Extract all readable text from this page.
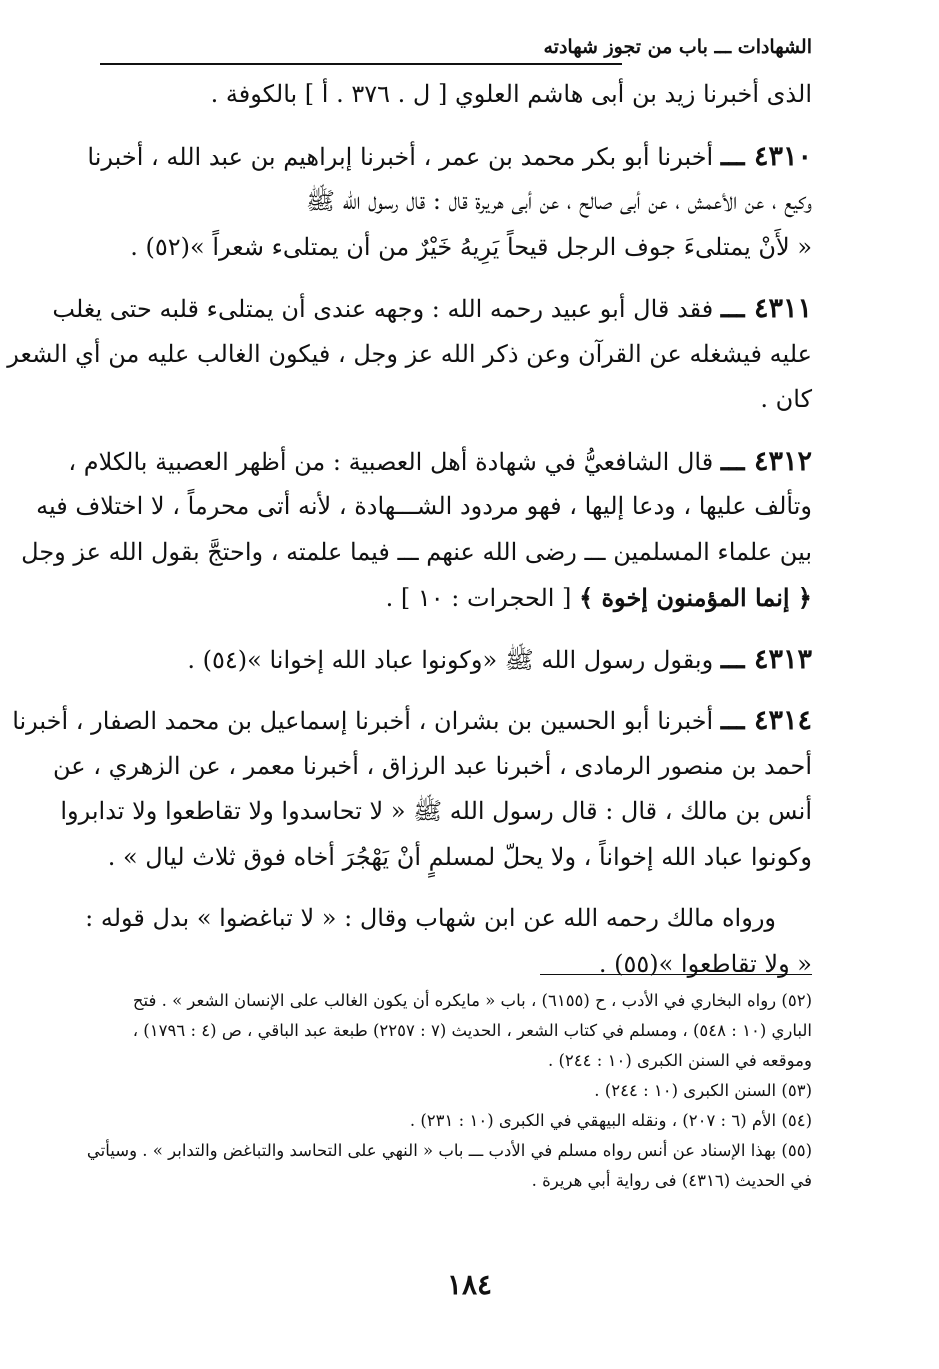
الشهادات ـــ باب من تجوز شهادته
الذى أخبرنا زيد بن أبى هاشم العلوي [ ل . ٣٧٦ . أ ] بالكوفة .
٤٣١٠ ـــ أخبرنا أبو بكر محمد بن عمر ، أخبرنا إبراهيم بن عبد الله ، أخبرنا
وكيع ، عن الأعمش ، عن أبى صالح ، عن أبى هريرة قال : قال رسول الله ﷺ
« لأَنْ يمتلىءَ جوف الرجل قيحاً يَرِيهُ خَيْرٌ من أن يمتلىء شعراً »(٥٢) .
٤٣١١ ـــ فقد قال أبو عبيد رحمه الله : وجهه عندى أن يمتلىء قلبه حتى يغلب
عليه فيشغله عن القرآن وعن ذكر الله عز وجل ، فيكون الغالب عليه من أي الشعر
كان .
٤٣١٢ ـــ قال الشافعيُّ في شهادة أهل العصبية : من أظهر العصبية بالكلام ،
وتألف عليها ، ودعا إليها ، فهو مردود الشـــهادة ، لأنه أتى محرماً ، لا اختلاف فيه
بين علماء المسلمين ـــ رضى الله عنهم ـــ فيما علمته ، واحتجَّ بقول الله عز وجل
﴿ إنما المؤمنون إخوة ﴾ [ الحجرات : ١٠ ] .
٤٣١٣ ـــ وبقول رسول الله ﷺ «وكونوا عباد الله إخوانا »(٥٤) .
٤٣١٤ ـــ أخبرنا أبو الحسين بن بشران ، أخبرنا إسماعيل بن محمد الصفار ، أخبرنا
أحمد بن منصور الرمادى ، أخبرنا عبد الرزاق ، أخبرنا معمر ، عن الزهري ، عن
أنس بن مالك ، قال : قال رسول الله ﷺ « لا تحاسدوا ولا تقاطعوا ولا تدابروا
وكونوا عباد الله إخواناً ، ولا يحلّ لمسلمٍ أنْ يَهْجُرَ أخاه فوق ثلاث ليال » .
ورواه مالك رحمه الله عن ابن شهاب وقال : « لا تباغضوا » بدل قوله :
« ولا تقاطعوا »(٥٥) .
(٥٢) رواه البخاري في الأدب ، ح (٦١٥٥) ، باب « مايكره أن يكون الغالب على الإنسان الشعر » . فتح
الباري (١٠ : ٥٤٨) ، ومسلم في كتاب الشعر ، الحديث (٧ : ٢٢٥٧) طبعة عبد الباقي ، ص (٤ : ١٧٩٦) ،
وموقعه في السنن الكبرى (١٠ : ٢٤٤) .
(٥٣) السنن الكبرى (١٠ : ٢٤٤) .
(٥٤) الأم (٦ : ٢٠٧) ، ونقله البيهقي في الكبرى (١٠ : ٢٣١) .
(٥٥) بهذا الإسناد عن أنس رواه مسلم في الأدب ـــ باب « النهي على التحاسد والتباغض والتدابر » . وسيأتي
في الحديث (٤٣١٦) فى رواية أبي هريرة .
١٨٤
